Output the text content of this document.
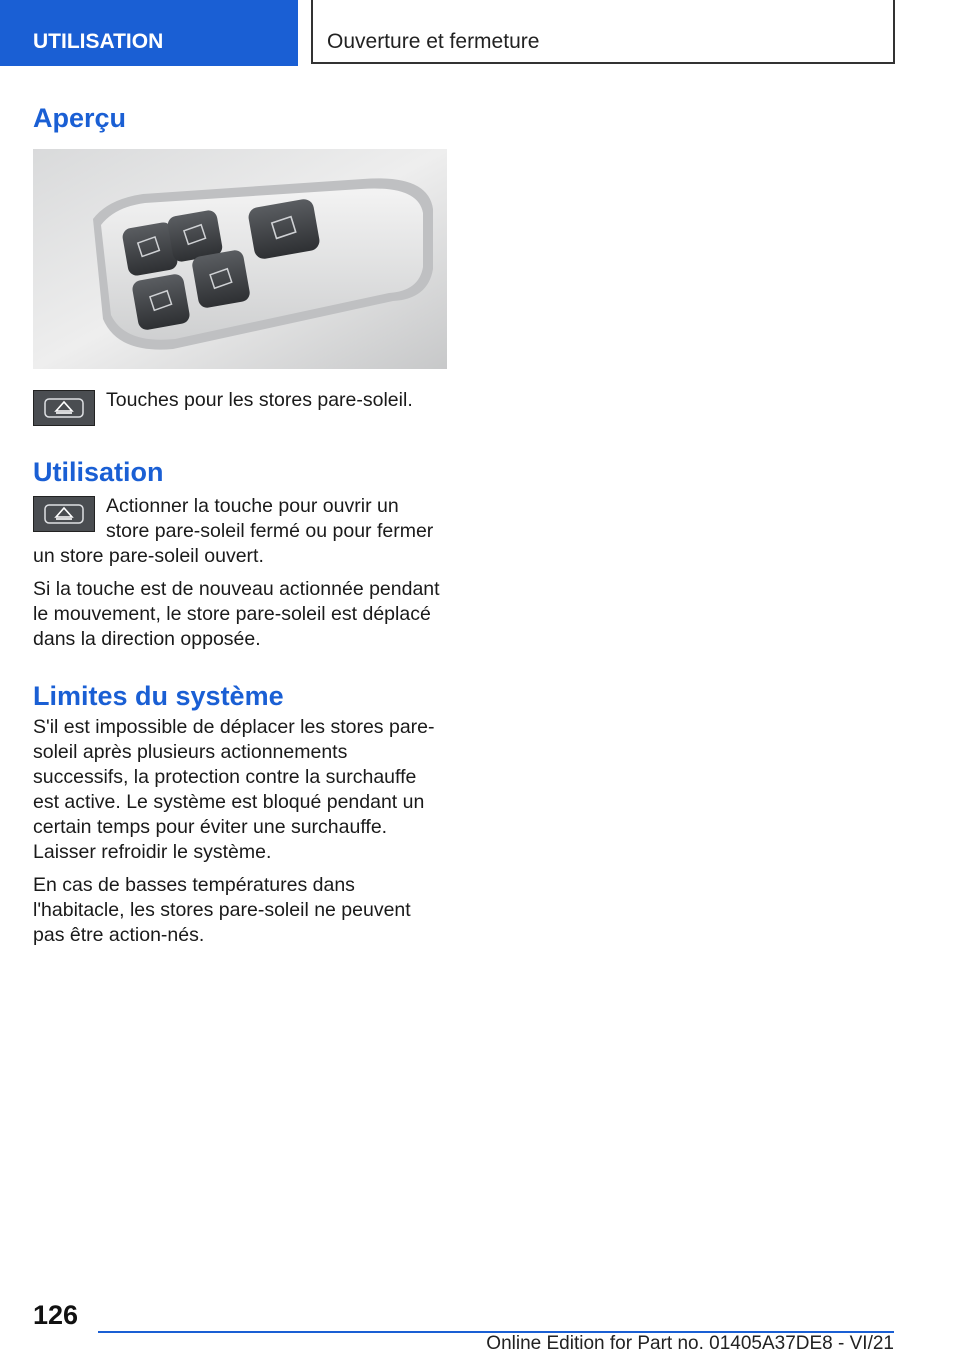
UTILISATION	Ouverture et fermeture
Aperçu

Touches pour les stores pare-soleil.

Utilisation

Actionner la touche pour ouvrir un store pare-soleil fermé ou pour fermer un store pare-soleil ouvert.

Si la touche est de nouveau actionnée pendant le mouvement, le store pare-soleil est déplacé dans la direction opposée.

Limites du système

S'il est impossible de déplacer les stores pare-soleil après plusieurs actionnements successifs, la protection contre la surchauffe est active. Le système est bloqué pendant un certain temps pour éviter une surchauffe. Laisser refroidir le système.

En cas de basses températures dans l'habitacle, les stores pare-soleil ne peuvent pas être action-nés.

126
Online Edition for Part no. 01405A37DE8 - VI/21
